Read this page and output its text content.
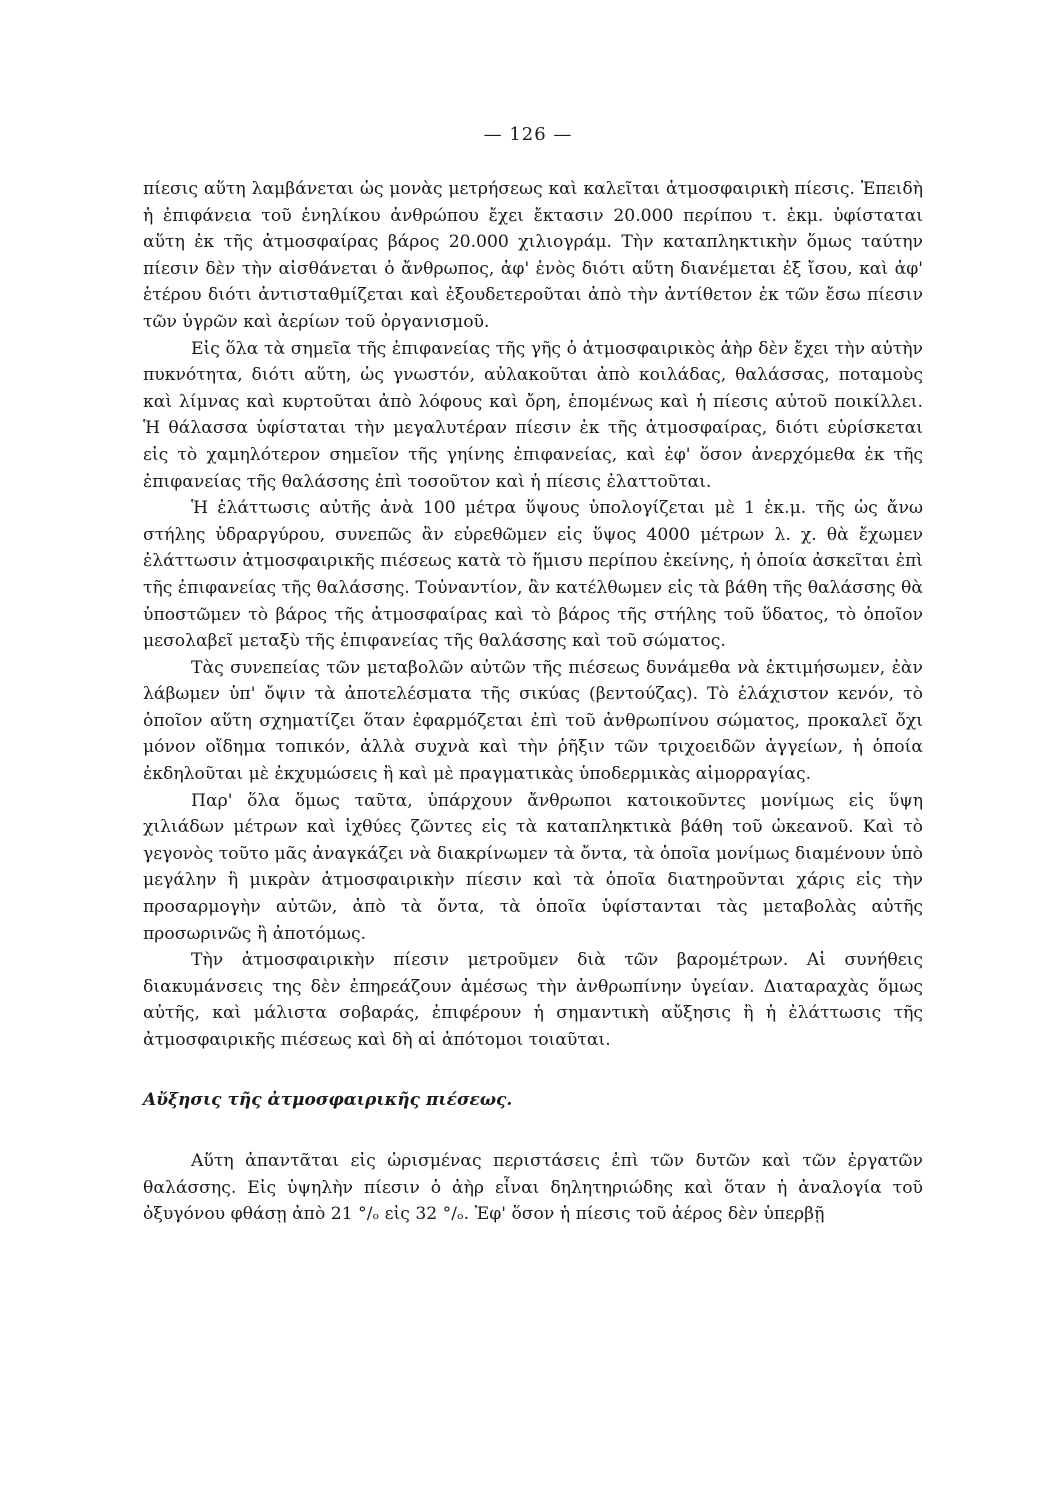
— 126 —

πίεσις αὕτη λαμβάνεται ὡς μονὰς μετρήσεως καὶ καλεῖται ἀτμοσφαιρικὴ πίεσις. Ἐπειδὴ ἡ ἐπιφάνεια τοῦ ἐνηλίκου ἀνθρώπου ἔχει ἔκτασιν 20.000 περίπου τ. ἑκμ. ὑφίσταται αὕτη ἐκ τῆς ἀτμοσφαίρας βάρος 20.000 χιλιογράμ. Τὴν καταπληκτικὴν ὅμως ταύτην πίεσιν δὲν τὴν αἰσθάνεται ὁ ἄνθρωπος, ἀφ' ἑνὸς διότι αὕτη διανέμεται ἐξ ἴσου, καὶ ἀφ' ἑτέρου διότι ἀντισταθμίζεται καὶ ἐξουδετεροῦται ἀπὸ τὴν ἀντίθετον ἐκ τῶν ἔσω πίεσιν τῶν ὑγρῶν καὶ ἀερίων τοῦ ὀργανισμοῦ.

Εἰς ὅλα τὰ σημεῖα τῆς ἐπιφανείας τῆς γῆς ὁ ἀτμοσφαιρικὸς ἀὴρ δὲν ἔχει τὴν αὐτὴν πυκνότητα, διότι αὕτη, ὡς γνωστόν, αὐλακοῦται ἀπὸ κοιλάδας, θαλάσσας, ποταμοὺς καὶ λίμνας καὶ κυρτοῦται ἀπὸ λόφους καὶ ὄρη, ἑπομένως καὶ ἡ πίεσις αὐτοῦ ποικίλλει. Ἡ θάλασσα ὑφίσταται τὴν μεγαλυτέραν πίεσιν ἐκ τῆς ἀτμοσφαίρας, διότι εὑρίσκεται εἰς τὸ χαμηλότερον σημεῖον τῆς γηίνης ἐπιφανείας, καὶ ἐφ' ὅσον ἀνερχόμεθα ἐκ τῆς ἐπιφανείας τῆς θαλάσσης ἐπὶ τοσοῦτον καὶ ἡ πίεσις ἐλαττοῦται.

Ἡ ἐλάττωσις αὐτῆς ἀνὰ 100 μέτρα ὕψους ὑπολογίζεται μὲ 1 ἑκ.μ. τῆς ὡς ἄνω στήλης ὑδραργύρου, συνεπῶς ἂν εὑρεθῶμεν εἰς ὕψος 4000 μέτρων λ. χ. θὰ ἔχωμεν ἐλάττωσιν ἀτμοσφαιρικῆς πιέσεως κατὰ τὸ ἥμισυ περίπου ἐκείνης, ἡ ὁποία ἀσκεῖται ἐπὶ τῆς ἐπιφανείας τῆς θαλάσσης. Τοὐναντίον, ἂν κατέλθωμεν εἰς τὰ βάθη τῆς θαλάσσης θὰ ὑποστῶμεν τὸ βάρος τῆς ἀτμοσφαίρας καὶ τὸ βάρος τῆς στήλης τοῦ ὕδατος, τὸ ὁποῖον μεσολαβεῖ μεταξὺ τῆς ἐπιφανείας τῆς θαλάσσης καὶ τοῦ σώματος.

Τὰς συνεπείας τῶν μεταβολῶν αὐτῶν τῆς πιέσεως δυνάμεθα νὰ ἐκτιμήσωμεν, ἐὰν λάβωμεν ὑπ' ὄψιν τὰ ἀποτελέσματα τῆς σικύας (βεντούζας). Τὸ ἐλάχιστον κενόν, τὸ ὁποῖον αὕτη σχηματίζει ὅταν ἐφαρμόζεται ἐπὶ τοῦ ἀνθρωπίνου σώματος, προκαλεῖ ὄχι μόνον οἴδημα τοπικόν, ἀλλὰ συχνὰ καὶ τὴν ῥῆξιν τῶν τριχοειδῶν ἀγγείων, ἡ ὁποία ἐκδηλοῦται μὲ ἐκχυμώσεις ἢ καὶ μὲ πραγματικὰς ὑποδερμικὰς αἱμορραγίας.

Παρ' ὅλα ὅμως ταῦτα, ὑπάρχουν ἄνθρωποι κατοικοῦντες μονίμως εἰς ὕψη χιλιάδων μέτρων καὶ ἰχθύες ζῶντες εἰς τὰ καταπληκτικὰ βάθη τοῦ ὠκεανοῦ. Καὶ τὸ γεγονὸς τοῦτο μᾶς ἀναγκάζει νὰ διακρίνωμεν τὰ ὄντα, τὰ ὁποῖα μονίμως διαμένουν ὑπὸ μεγάλην ἢ μικρὰν ἀτμοσφαιρικὴν πίεσιν καὶ τὰ ὁποῖα διατηροῦνται χάρις εἰς τὴν προσαρμογὴν αὐτῶν, ἀπὸ τὰ ὄντα, τὰ ὁποῖα ὑφίστανται τὰς μεταβολὰς αὐτῆς προσωρινῶς ἢ ἀποτόμως.

Τὴν ἀτμοσφαιρικὴν πίεσιν μετροῦμεν διὰ τῶν βαρομέτρων. Αἱ συνήθεις διακυμάνσεις της δὲν ἐπηρεάζουν ἀμέσως τὴν ἀνθρωπίνην ὑγείαν. Διαταραχὰς ὅμως αὐτῆς, καὶ μάλιστα σοβαράς, ἐπιφέρουν ἡ σημαντικὴ αὔξησις ἢ ἡ ἐλάττωσις τῆς ἀτμοσφαιρικῆς πιέσεως καὶ δὴ αἱ ἀπότομοι τοιαῦται.

Αὔξησις τῆς ἀτμοσφαιρικῆς πιέσεως.

Αὕτη ἀπαντᾶται εἰς ὡρισμένας περιστάσεις ἐπὶ τῶν δυτῶν καὶ τῶν ἐργατῶν θαλάσσης. Εἰς ὑψηλὴν πίεσιν ὁ ἀὴρ εἶναι δηλητηριώδης καὶ ὅταν ἡ ἀναλογία τοῦ ὀξυγόνου φθάσῃ ἀπὸ 21 °/ₒ εἰς 32 °/ₒ. Ἐφ' ὅσον ἡ πίεσις τοῦ ἀέρος δὲν ὑπερβῇ
